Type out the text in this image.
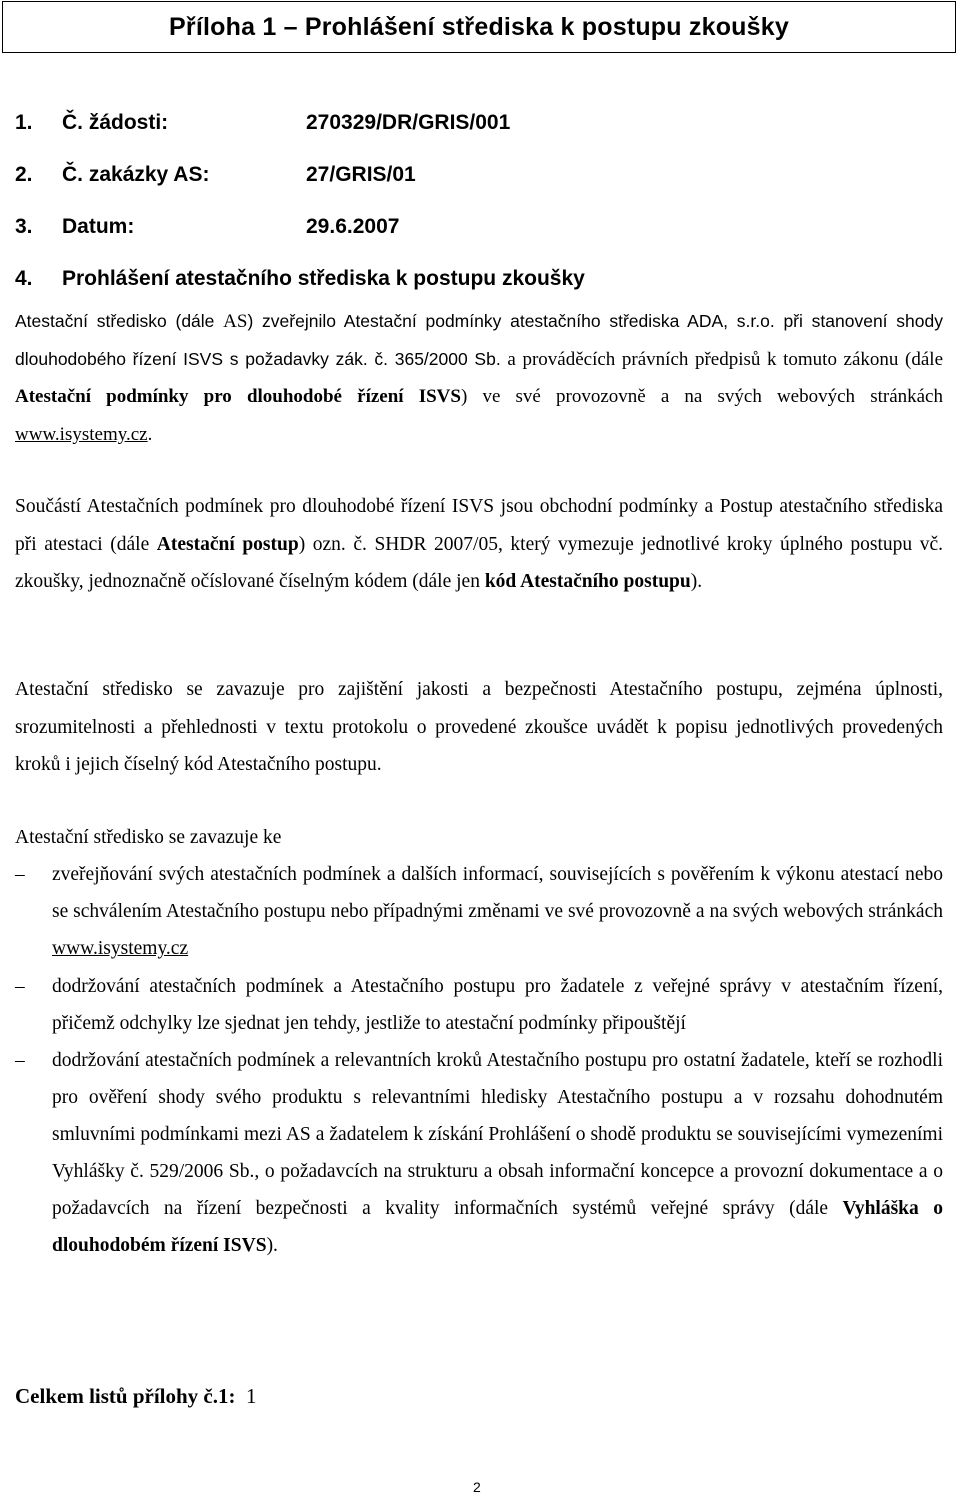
Příloha 1 – Prohlášení střediska k postupu zkoušky
1. Č. žádosti:	270329/DR/GRIS/001
2. Č. zakázky AS:	27/GRIS/01
3. Datum:	29.6.2007
4. Prohlášení atestačního střediska k postupu zkoušky

Atestační středisko (dále AS) zveřejnilo Atestační podmínky atestačního střediska ADA, s.r.o. při stanovení shody dlouhodobého řízení ISVS s požadavky zák. č. 365/2000 Sb. a prováděcích právních předpisů k tomuto zákonu (dále Atestační podmínky pro dlouhodobé řízení ISVS) ve své provozovně a na svých webových stránkách www.isystemy.cz.

Součástí Atestačních podmínek pro dlouhodobé řízení ISVS jsou obchodní podmínky a Postup atestačního střediska při atestaci (dále Atestační postup) ozn. č. SHDR 2007/05, který vymezuje jednotlivé kroky úplného postupu vč. zkoušky, jednoznačně očíslované číselným kódem (dále jen kód Atestačního postupu).

Atestační středisko se zavazuje pro zajištění jakosti a bezpečnosti Atestačního postupu, zejména úplnosti, srozumitelnosti a přehlednosti v textu protokolu o provedené zkoušce uvádět k popisu jednotlivých provedených kroků i jejich číselný kód Atestačního postupu.

Atestační středisko se zavazuje ke

–	zveřejňování svých atestačních podmínek a dalších informací, souvisejících s pověřením k výkonu atestací nebo se schválením Atestačního postupu nebo případnými změnami ve své provozovně a na svých webových stránkách www.isystemy.cz
–	dodržování atestačních podmínek a Atestačního postupu pro žadatele z veřejné správy v atestačním řízení, přičemž odchylky lze sjednat jen tehdy, jestliže to atestační podmínky připouštějí
–	dodržování atestačních podmínek a relevantních kroků Atestačního postupu pro ostatní žadatele, kteří se rozhodli pro ověření shody svého produktu s relevantními hledisky Atestačního postupu a v rozsahu dohodnutém smluvními podmínkami mezi AS a žadatelem k získání Prohlášení o shodě produktu se souvisejícími vymezeními Vyhlášky č. 529/2006 Sb., o požadavcích na strukturu a obsah informační koncepce a provozní dokumentace a o požadavcích na řízení bezpečnosti a kvality informačních systémů veřejné správy (dále Vyhláška o dlouhodobém řízení ISVS).
Celkem listů přílohy č.1: 1
2
